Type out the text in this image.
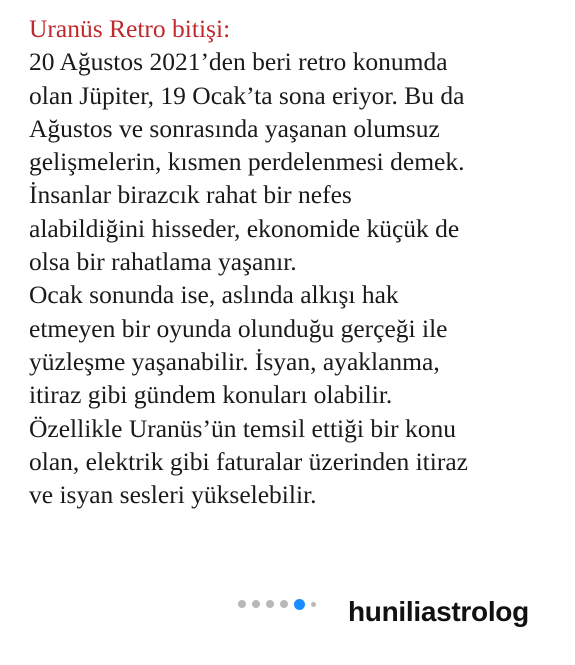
Uranüs Retro bitişi:
20 Ağustos 2021’den beri retro konumda
olan Jüpiter, 19 Ocak’ta sona eriyor. Bu da
Ağustos ve sonrasında yaşanan olumsuz
gelişmelerin, kısmen perdelenmesi demek.
İnsanlar birazcık rahat bir nefes
alabildiğini hisseder, ekonomide küçük de
olsa bir rahatlama yaşanır.
Ocak sonunda ise, aslında alkışı hak
etmeyen bir oyunda olunduğu gerçeği ile
yüzleşme yaşanabilir. İsyan, ayaklanma,
itiraz gibi gündem konuları olabilir.
Özellikle Uranüs’ün temsil ettiği bir konu
olan, elektrik gibi faturalar üzerinden itiraz
ve isyan sesleri yükselebilir.
huniliastrolog
